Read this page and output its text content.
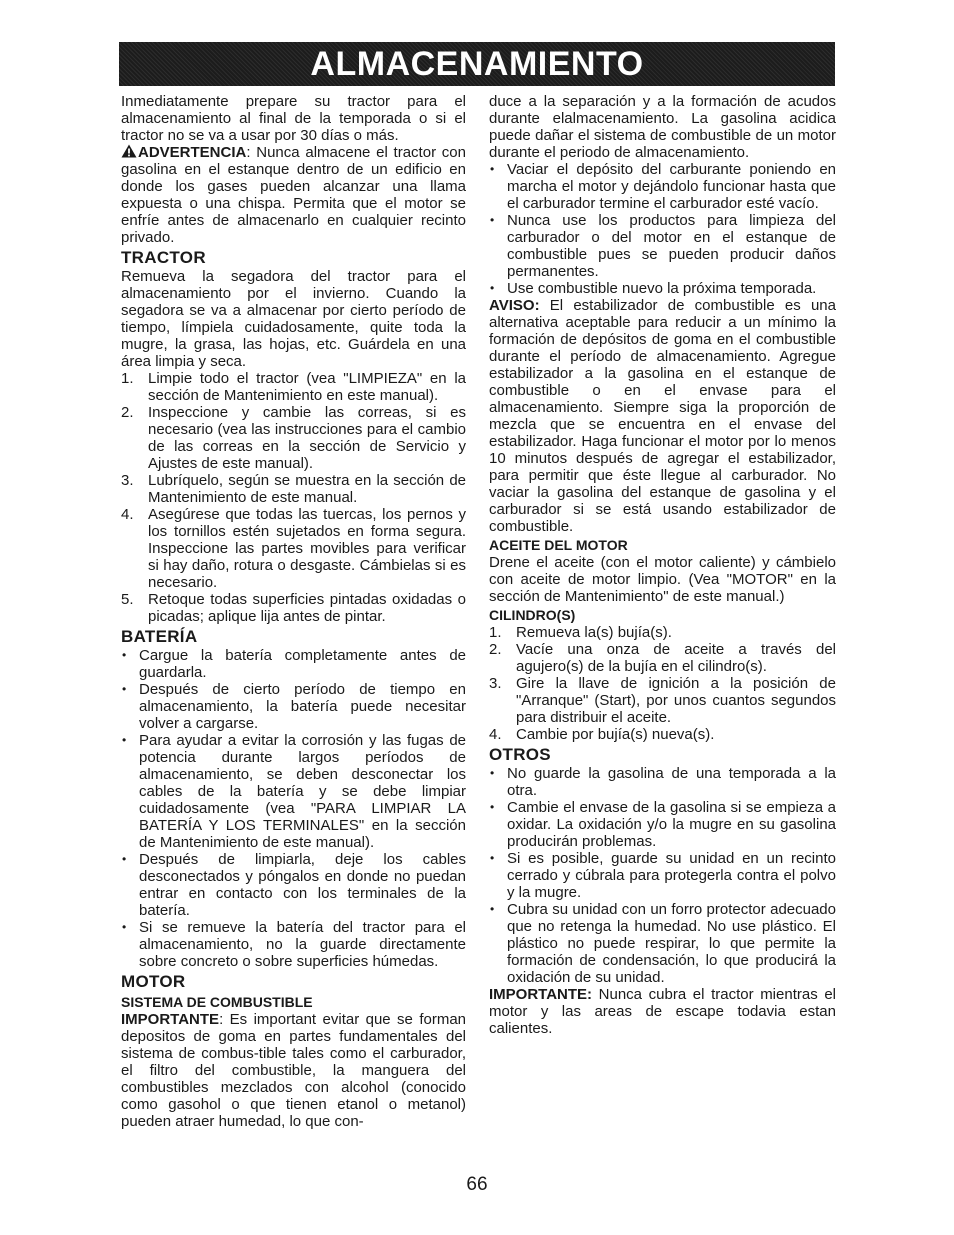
ALMACENAMIENTO

Inmediatamente prepare su tractor para el almacenamiento al final de la temporada o si el tractor no se va a usar por 30 días o más.

ADVERTENCIA: Nunca almacene el tractor con gasolina en el estanque dentro de un edificio en donde los gases pueden alcanzar una llama expuesta o una chispa. Permita que el motor se enfríe antes de almacenarlo en cualquier recinto privado.

TRACTOR

Remueva la segadora del tractor para el almacenamiento por el invierno. Cuando la segadora se va a almacenar por cierto período de tiempo, límpiela cuidadosamente, quite toda la mugre, la grasa, las hojas, etc. Guárdela en una área limpia y seca.

1. Limpie todo el tractor (vea "LIMPIEZA" en la sección de Mantenimiento en este manual).
2. Inspeccione y cambie las correas, si es necesario (vea las instrucciones para el cambio de las correas en la sección de Servicio y Ajustes de este manual).
3. Lubríquelo, según se muestra en la sección de Mantenimiento de este manual.
4. Asegúrese que todas las tuercas, los pernos y los tornillos estén sujetados en forma segura. Inspeccione las partes movibles para verificar si hay daño, rotura o desgaste. Cámbielas si es necesario.
5. Retoque todas superficies pintadas oxidadas o picadas; aplique lija antes de pintar.
BATERÍA
• Cargue la batería completamente antes de guardarla.
• Después de cierto período de tiempo en almacenamiento, la batería puede necesitar volver a cargarse.
• Para ayudar a evitar la corrosión y las fugas de potencia durante largos períodos de almacenamiento, se deben desconectar los cables de la batería y se debe limpiar cuidadosamente (vea "PARA LIMPIAR LA BATERÍA Y LOS TERMINALES" en la sección de Mantenimiento de este manual).
• Después de limpiarla, deje los cables desconectados y póngalos en donde no puedan entrar en contacto con los terminales de la batería.
• Si se remueve la batería del tractor para el almacenamiento, no la guarde directamente sobre concreto o sobre superficies húmedas.
MOTOR
SISTEMA DE COMBUSTIBLE

IMPORTANTE: Es important evitar que se forman depositos de goma en partes fundamentales del sistema de combus-tible tales como el carburador, el filtro del combustible, la manguera del combustibles mezclados con alcohol (conocido como gasohol o que tienen etanol o metanol) pueden atraer humedad, lo que con-

duce a la separación y a la formación de acudos durante elalmacenamiento. La gasolina acidica puede dañar el sistema de combustible de un motor durante el periodo de almacenamiento.

• Vaciar el depósito del carburante poniendo en marcha el motor y dejándolo funcionar hasta que el carburador termine el carburador esté vacío.
• Nunca use los productos para limpieza del carburador o del motor en el estanque de combustible pues se pueden producir daños permanentes.
• Use combustible nuevo la próxima temporada.

AVISO: El estabilizador de combustible es una alternativa aceptable para reducir a un mínimo la formación de depósitos de goma en el combustible durante el período de almacenamiento. Agregue estabilizador a la gasolina en el estanque de combustible o en el envase para el almacenamiento. Siempre siga la proporción de mezcla que se encuentra en el envase del estabilizador. Haga funcionar el motor por lo menos 10 minutos después de agregar el estabilizador, para permitir que éste llegue al carburador. No vaciar la gasolina del estanque de gasolina y el carburador si se está usando estabilizador de combustible.

ACEITE DEL MOTOR

Drene el aceite (con el motor caliente) y cámbielo con aceite de motor limpio. (Vea "MOTOR" en la sección de Mantenimiento" de este manual.)

CILINDRO(S)
1. Remueva la(s) bujía(s).
2. Vacíe una onza de aceite a través del agujero(s) de la bujía en el cilindro(s).
3. Gire la llave de ignición a la posición de "Arranque" (Start), por unos cuantos segundos para distribuir el aceite.
4. Cambie por bujía(s) nueva(s).
OTROS
• No guarde la gasolina de una temporada a la otra.
• Cambie el envase de la gasolina si se empieza a oxidar. La oxidación y/o la mugre en su gasolina producirán problemas.
• Si es posible, guarde su unidad en un recinto cerrado y cúbrala para protegerla contra el polvo y la mugre.
• Cubra su unidad con un forro protector adecuado que no retenga la humedad. No use plástico. El plástico no puede respirar, lo que permite la formación de condensación, lo que producirá la oxidación de su unidad.

IMPORTANTE: Nunca cubra el tractor mientras el motor y las areas de escape todavia estan calientes.

66
